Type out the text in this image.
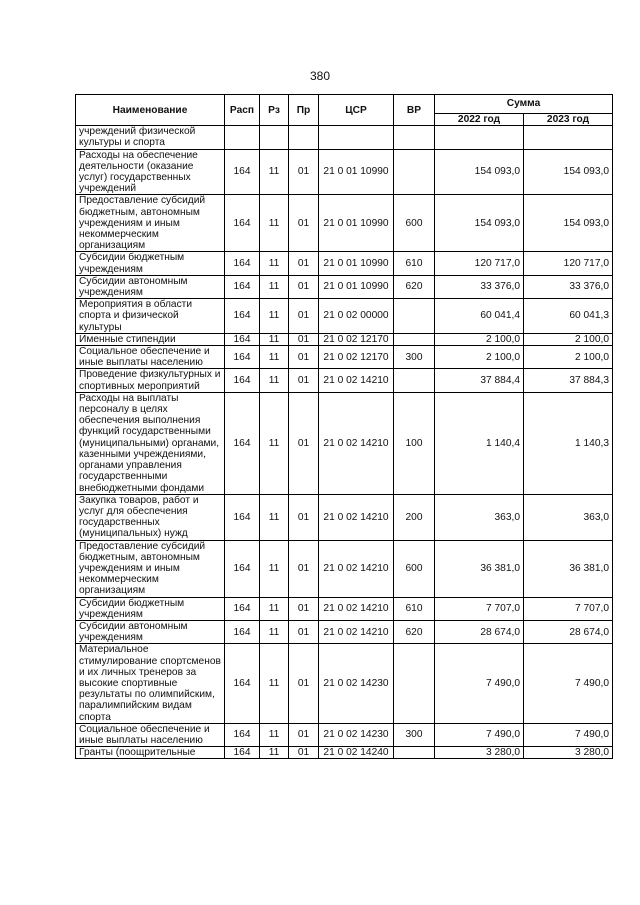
380
Наименование	Расп	Рз	Пр	ЦСР	ВР	Сумма	
						2022 год	2023 год
учреждений физической культуры и спорта							
Расходы на обеспечение деятельности (оказание услуг) государственных учреждений	164	11	01	21 0 01 10990		154 093,0	154 093,0
Предоставление субсидий бюджетным, автономным учреждениям и иным некоммерческим организациям	164	11	01	21 0 01 10990	600	154 093,0	154 093,0
Субсидии бюджетным учреждениям	164	11	01	21 0 01 10990	610	120 717,0	120 717,0
Субсидии автономным учреждениям	164	11	01	21 0 01 10990	620	33 376,0	33 376,0
Мероприятия в области спорта и физической культуры	164	11	01	21 0 02 00000		60 041,4	60 041,3
Именные стипендии	164	11	01	21 0 02 12170		2 100,0	2 100,0
Социальное обеспечение и иные выплаты населению	164	11	01	21 0 02 12170	300	2 100,0	2 100,0
Проведение физкультурных и спортивных мероприятий	164	11	01	21 0 02 14210		37 884,4	37 884,3
Расходы на выплаты персоналу в целях обеспечения выполнения функций государственными (муниципальными) органами, казенными учреждениями, органами управления государственными внебюджетными фондами	164	11	01	21 0 02 14210	100	1 140,4	1 140,3
Закупка товаров, работ и услуг для обеспечения государственных (муниципальных) нужд	164	11	01	21 0 02 14210	200	363,0	363,0
Предоставление субсидий бюджетным, автономным учреждениям и иным некоммерческим организациям	164	11	01	21 0 02 14210	600	36 381,0	36 381,0
Субсидии бюджетным учреждениям	164	11	01	21 0 02 14210	610	7 707,0	7 707,0
Субсидии автономным учреждениям	164	11	01	21 0 02 14210	620	28 674,0	28 674,0
Материальное стимулирование спортсменов и их личных тренеров за высокие спортивные результаты по олимпийским, паралимпийским видам спорта	164	11	01	21 0 02 14230		7 490,0	7 490,0
Социальное обеспечение и иные выплаты населению	164	11	01	21 0 02 14230	300	7 490,0	7 490,0
Гранты (поощрительные	164	11	01	21 0 02 14240		3 280,0	3 280,0
